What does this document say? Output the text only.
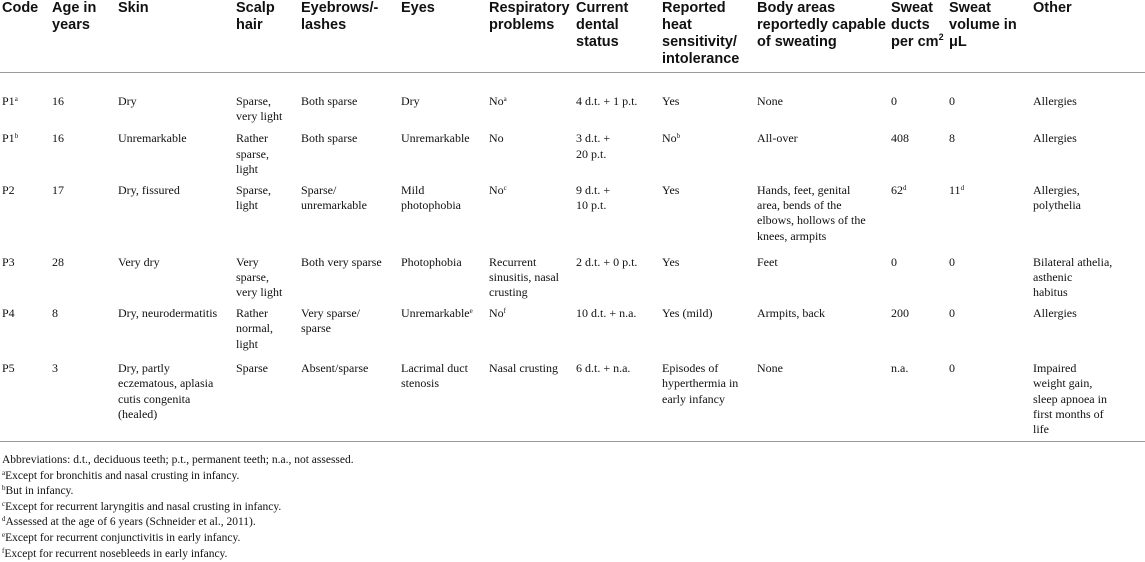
Code	Age in years	Skin	Scalp hair	Eyebrows/-lashes	Eyes	Respiratory problems	Current dental status	Reported heat sensitivity/ intolerance	Body areas reportedly capable of sweating	Sweat ducts per $cm^2$	Sweat volume in μL	Other
P1$^a$	16	Dry	Sparse,
very light	Both sparse	Dry	No$^a$	4 d.t. + 1 p.t.	Yes	None	0	0	Allergies
P1$^b$	16	Unremarkable	Rather
sparse,
light	Both sparse	Unremarkable	No	3 d.t. +
20 p.t.	No$^b$	All-over	408	8	Allergies
P2	17	Dry, fissured	Sparse,
light	Sparse/
unremarkable	Mild
photophobia	No$^c$	9 d.t. +
10 p.t.	Yes	Hands, feet, genital
area, bends of the
elbows, hollows of the
knees, armpits	62$^d$	11$^d$	Allergies,
polythelia
P3	28	Very dry	Very
sparse,
very light	Both very sparse	Photophobia	Recurrent
sinusitis, nasal
crusting	2 d.t. + 0 p.t.	Yes	Feet	0	0	Bilateral athelia,
asthenic
habitus
P4	8	Dry, neurodermatitis	Rather
normal,
light	Very sparse/
sparse	Unremarkable$^e$	No$^f$	10 d.t. + n.a.	Yes (mild)	Armpits, back	200	0	Allergies
P5	3	Dry, partly
eczematous, aplasia
cutis congenita
(healed)	Sparse	Absent/sparse	Lacrimal duct
stenosis	Nasal crusting	6 d.t. + n.a.	Episodes of
hyperthermia in
early infancy	None	n.a.	0	Impaired
weight gain,
sleep apnoea in
first months of
life
Abbreviations: d.t., deciduous teeth; p.t., permanent teeth; n.a., not assessed.
$^a$Except for bronchitis and nasal crusting in infancy.
$^b$But in infancy.
$^c$Except for recurrent laryngitis and nasal crusting in infancy.
$^d$Assessed at the age of 6 years (Schneider et al., 2011).
$^e$Except for recurrent conjunctivitis in early infancy.
$^f$Except for recurrent nosebleeds in early infancy.
